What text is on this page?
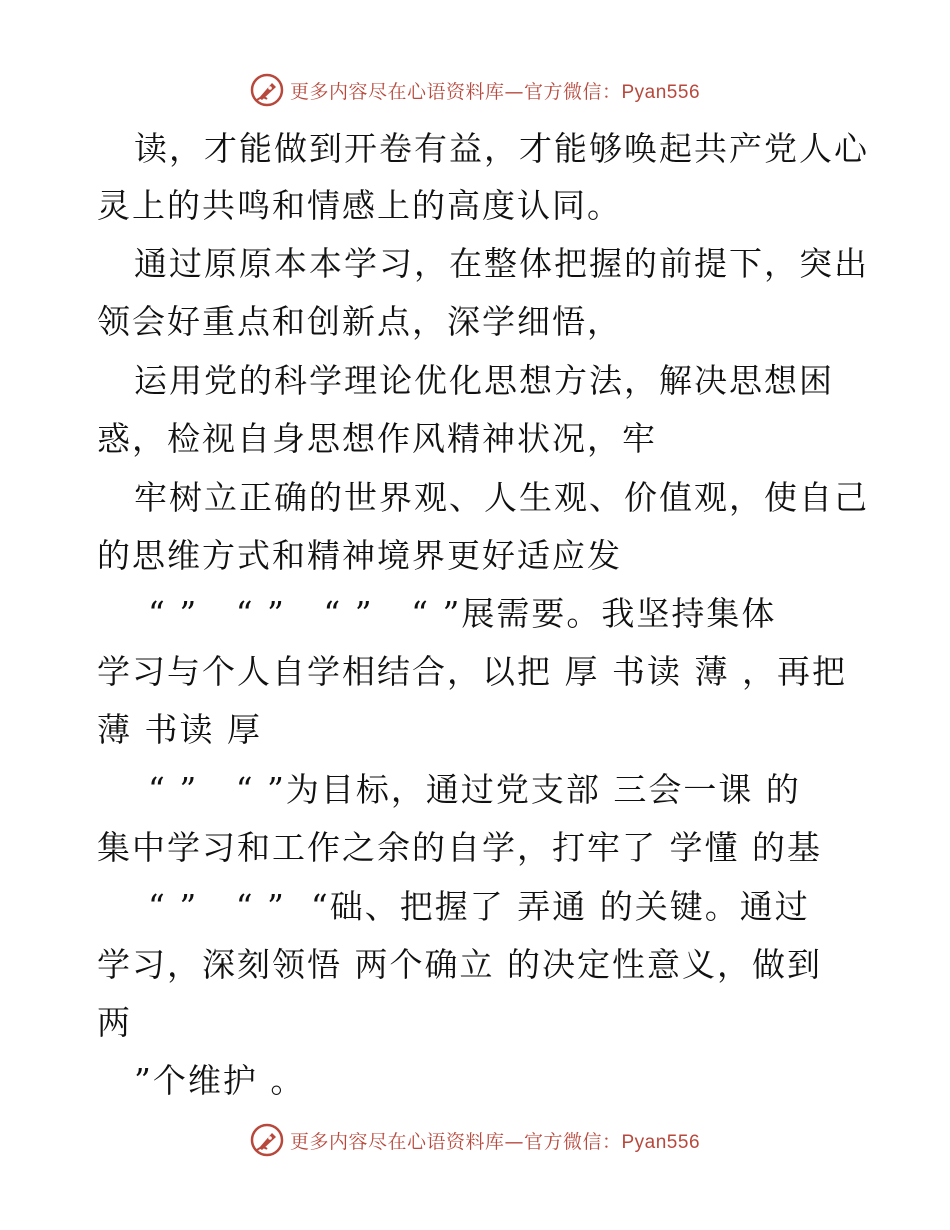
更多内容尽在心语资料库—官方微信：Pyan556
读，才能做到开卷有益，才能够唤起共产党人心
灵上的共鸣和情感上的高度认同。
通过原原本本学习，在整体把握的前提下，突出
领会好重点和创新点，深学细悟，
运用党的科学理论优化思想方法，解决思想困
惑，检视自身思想作风精神状况，牢
牢树立正确的世界观、人生观、价值观，使自己
的思维方式和精神境界更好适应发
“ ”   “ ”   “ ”   “ ”展需要。我坚持集体
学习与个人自学相结合，以把 厚 书读 薄 ，再把
薄 书读 厚
“ ”   “ ”为目标，通过党支部 三会一课 的
集中学习和工作之余的自学，打牢了 学懂 的基
“ ”   “ ”  “础、把握了 弄通 的关键。通过
学习，深刻领悟 两个确立 的决定性意义，做到
两
”个维护 。
更多内容尽在心语资料库—官方微信：Pyan556
